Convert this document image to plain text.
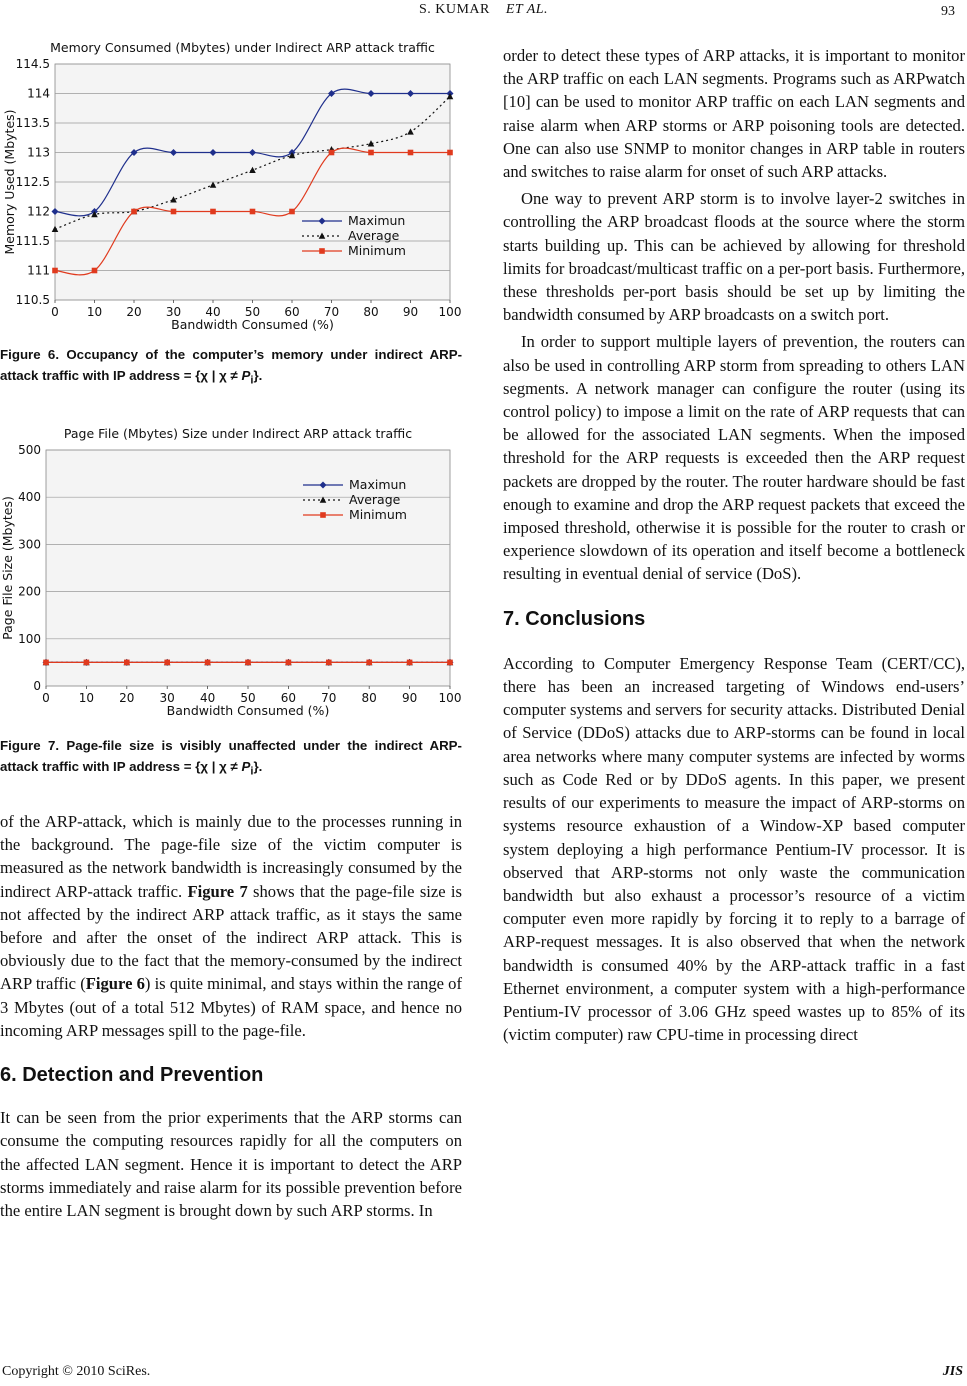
S. KUMAR ET AL.	93
Memory Consumed (Mbytes) under Indirect ARP attack traffic
110.5
111
111.5
112
112.5
113
113.5
114
114.5
0 10 20 30 40 50 60 70 80 90 100
Bandwidth Consumed (%)
Memory Used (Mbytes)	Maximun
Average
Minimum
Figure 6. Occupancy of the computer’s memory under indirect ARP-attack traffic with IP address = {χ | $\chi \ne P_i$}.
Page File (Mbytes) Size under Indirect ARP attack traffic
0
100
200
300
400
500
0 10 20 30 40 50 60 70 80 90 100
Bandwidth Consumed (%)
Page File Size (Mbytes)
Maximun
Average
Minimum
Figure 7. Page-file size is visibly unaffected under the indirect ARP-attack traffic with IP address = {χ | $\chi \ne P_i$}.

of the ARP-attack, which is mainly due to the processes running in the background. The page-file size of the victim computer is measured as the network bandwidth is increasingly consumed by the indirect ARP-attack traffic. Figure 7 shows that the page-file size is not affected by the indirect ARP attack traffic, as it stays the same before and after the onset of the indirect ARP attack. This is obviously due to the fact that the memory-consumed by the indirect ARP traffic (Figure 6) is quite minimal, and stays within the range of 3 Mbytes (out of a total 512 Mbytes) of RAM space, and hence no incoming ARP messages spill to the page-file.

6. Detection and Prevention

It can be seen from the prior experiments that the ARP storms can consume the computing resources rapidly for all the computers on the affected LAN segment. Hence it is important to detect the ARP storms immediately and raise alarm for its possible prevention before the entire LAN segment is brought down by such ARP storms. In

order to detect these types of ARP attacks, it is important to monitor the ARP traffic on each LAN segments. Programs such as ARPwatch [10] can be used to monitor ARP traffic on each LAN segments and raise alarm when ARP storms or ARP poisoning tools are detected. One can also use SNMP to monitor changes in ARP table in routers and switches to raise alarm for onset of such ARP attacks.

One way to prevent ARP storm is to involve layer-2 switches in controlling the ARP broadcast floods at the source where the storm starts building up. This can be achieved by allowing for threshold limits for broadcast/multicast traffic on a per-port basis. Furthermore, these thresholds per-port basis should be set up by limiting the bandwidth consumed by ARP broadcasts on a switch port.

In order to support multiple layers of prevention, the routers can also be used in controlling ARP storm from spreading to others LAN segments. A network manager can configure the router (using its control policy) to impose a limit on the rate of ARP requests that can be allowed for the associated LAN segments. When the imposed threshold for the ARP requests is exceeded then the ARP request packets are dropped by the router. The router hardware should be fast enough to examine and drop the ARP request packets that exceed the imposed threshold, otherwise it is possible for the router to crash or experience slowdown of its operation and itself become a bottleneck resulting in eventual denial of service (DoS).

7. Conclusions

According to Computer Emergency Response Team (CERT/CC), there has been an increased targeting of Windows end-users’ computer systems and servers for security attacks. Distributed Denial of Service (DDoS) attacks due to ARP-storms can be found in local area networks where many computer systems are infected by worms such as Code Red or by DDoS agents. In this paper, we present results of our experiments to measure the impact of ARP-storms on systems resource exhaustion of a Window-XP based computer system deploying a high performance Pentium-IV processor. It is observed that ARP-storms not only waste the communication bandwidth but also exhaust a processor’s resource of a victim computer even more rapidly by forcing it to reply to a barrage of ARP-request messages. It is also observed that when the network bandwidth is consumed 40% by the ARP-attack traffic in a fast Ethernet environment, a computer system with a high-performance Pentium-IV processor of 3.06 GHz speed wastes up to 85% of its (victim computer) raw CPU-time in processing direct

Copyright © 2010 SciRes.	JIS
